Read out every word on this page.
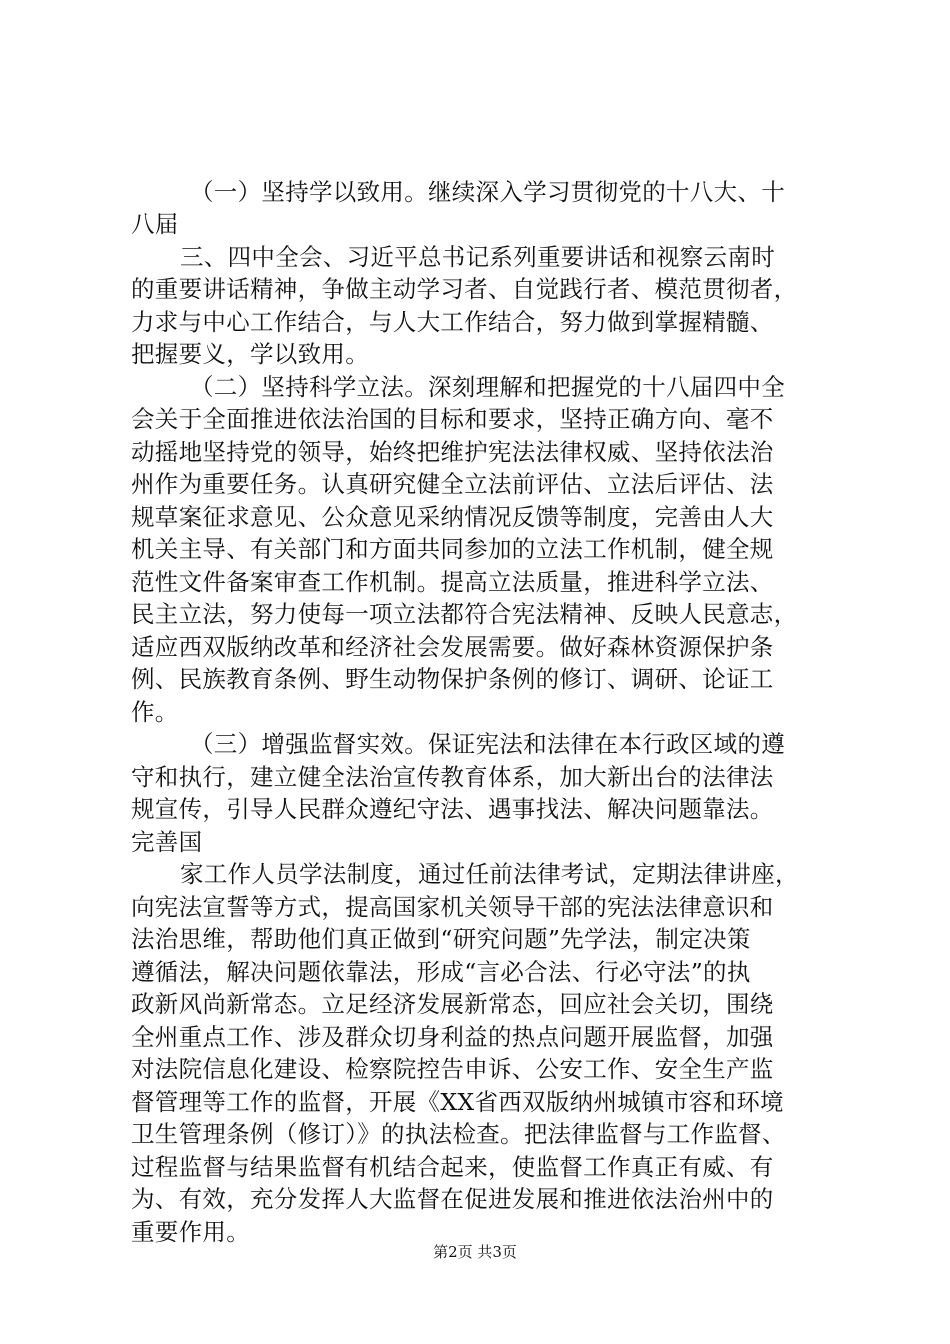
（一）坚持学以致用。继续深入学习贯彻党的十八大、十
八届
三、四中全会、习近平总书记系列重要讲话和视察云南时
的重要讲话精神，争做主动学习者、自觉践行者、模范贯彻者，
力求与中心工作结合，与人大工作结合，努力做到掌握精髓、
把握要义，学以致用。
（二）坚持科学立法。深刻理解和把握党的十八届四中全
会关于全面推进依法治国的目标和要求，坚持正确方向、毫不
动摇地坚持党的领导，始终把维护宪法法律权威、坚持依法治
州作为重要任务。认真研究健全立法前评估、立法后评估、法
规草案征求意见、公众意见采纳情况反馈等制度，完善由人大
机关主导、有关部门和方面共同参加的立法工作机制，健全规
范性文件备案审查工作机制。提高立法质量，推进科学立法、
民主立法，努力使每一项立法都符合宪法精神、反映人民意志，
适应西双版纳改革和经济社会发展需要。做好森林资源保护条
例、民族教育条例、野生动物保护条例的修订、调研、论证工
作。
（三）增强监督实效。保证宪法和法律在本行政区域的遵
守和执行，建立健全法治宣传教育体系，加大新出台的法律法
规宣传，引导人民群众遵纪守法、遇事找法、解决问题靠法。
完善国
家工作人员学法制度，通过任前法律考试，定期法律讲座，
向宪法宣誓等方式，提高国家机关领导干部的宪法法律意识和
法治思维，帮助他们真正做到“研究问题”先学法，制定决策
遵循法，解决问题依靠法，形成“言必合法、行必守法”的执
政新风尚新常态。立足经济发展新常态，回应社会关切，围绕
全州重点工作、涉及群众切身利益的热点问题开展监督，加强
对法院信息化建设、检察院控告申诉、公安工作、安全生产监
督管理等工作的监督，开展《XX省西双版纳州城镇市容和环境
卫生管理条例（修订）》的执法检查。把法律监督与工作监督、
过程监督与结果监督有机结合起来，使监督工作真正有威、有
为、有效，充分发挥人大监督在促进发展和推进依法治州中的
重要作用。
第2页 共3页
